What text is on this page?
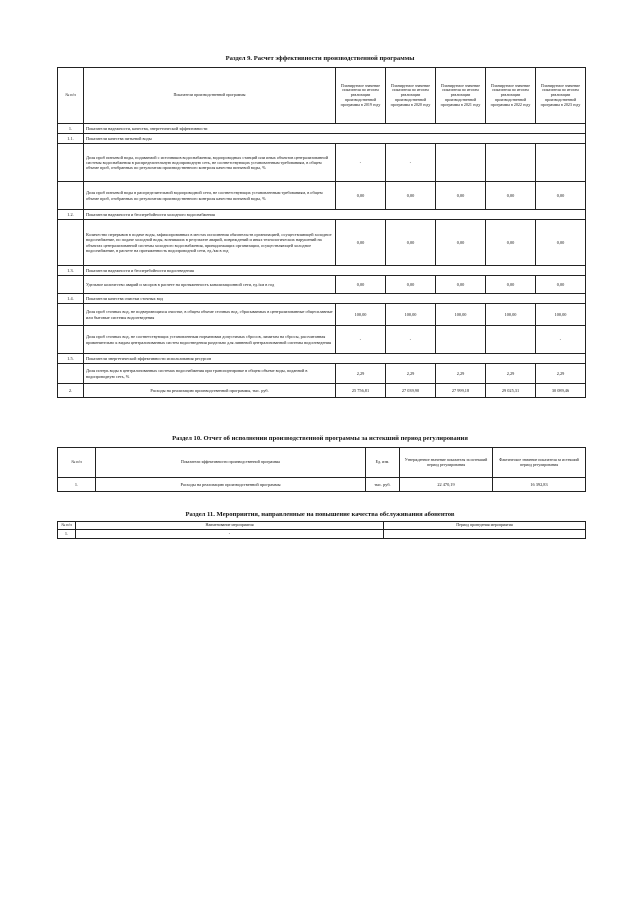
Раздел 9. Расчет эффективности производственной программы
№ п/п	Показатели производственной программы	Планируемое значение показателя по итогам реализации производственной программы в 2019 году	Планируемое значение показателя по итогам реализации производственной программы в 2020 году	Планируемое значение показателя по итогам реализации производственной программы в 2021 году	Планируемое значение показателя по итогам реализации производственной программы в 2022 году	Планируемое значение показателя по итогам реализации производственной программы в 2023 году
1.	Показатели надежности, качества, энергетической эффективности					
1.1.	Показатели качества питьевой воды					
	Доля проб питьевой воды, подаваемой с источников водоснабжения, водопроводных станций или иных объектов централизованной системы водоснабжения в распределительную водопроводную сеть, не соответствующих установленным требованиям, в общем объеме проб, отобранных по результатам производственного контроля качества питьевой воды, %	-	-			
	Доля проб питьевой воды в распределительной водопроводной сети, не соответствующих установленным требованиям, в общем объеме проб, отобранных по результатам производственного контроля качества питьевой воды, %	0,00	0,00	0,00	0,00	0,00
1.2.	Показатели надежности и бесперебойности холодного водоснабжения					
	Количество перерывов в подаче воды, зафиксированных в местах исполнения обязательств организацией, осуществляющей холодное водоснабжение, по подаче холодной воды, возникших в результате аварий, повреждений и иных технологических нарушений на объектах централизованной системы холодного водоснабжения, принадлежащих организации, осуществляющей холодное водоснабжение, в расчете на протяженность водопроводной сети, ед./км в год	0,00	0,00	0,00	0,00	0,00
1.3.	Показатели надежности и бесперебойности водоотведения					
	Удельное количество аварий и засоров в расчете на протяженность канализационной сети, ед./км в год	0,00	0,00	0,00	0,00	0,00
1.4.	Показатели качества очистки сточных вод					
	Доля проб сточных вод, не подвергающихся очистке, в общем объеме сточных вод, сбрасываемых в централизованные общесплавные или бытовые системы водоотведения	100,00	100,00	100,00	100,00	100,00
	Доля проб сточных вод, не соответствующих установленным нормативам допустимых сбросов, лимитам на сбросы, рассчитанная применительно к видам централизованных систем водоотведения раздельно для ливневой централизованной системы водоотведения	-	-			-
1.5.	Показатели энергетической эффективности использования ресурсов					
	Доля потерь воды в централизованных системах водоснабжения при транспортировке в общем объеме воды, поданной в водопроводную сеть, %	2,29	2,29	2,29	2,29	2,29
2.	Расходы на реализацию производственной программы, тыс. руб.	25 756,81	27 039,90	27 999,18	29 025,31	30 089,46
Раздел 10. Отчет об исполнении производственной программы за истекший период регулирования
№ п/п	Показатели эффективности производственной программы	Ед. изм.	Утвержденное значение показателя за истекший период регулирования	Фактическое значение показателя за истекший период регулирования
1.	Расходы на реализацию производственной программы	тыс. руб.	22 470,19	16 392,83
Раздел 11. Мероприятия, направленные на повышение качества обслуживания абонентов
№ п/п	Наименование мероприятия	Период проведения мероприятия
1.	-	
